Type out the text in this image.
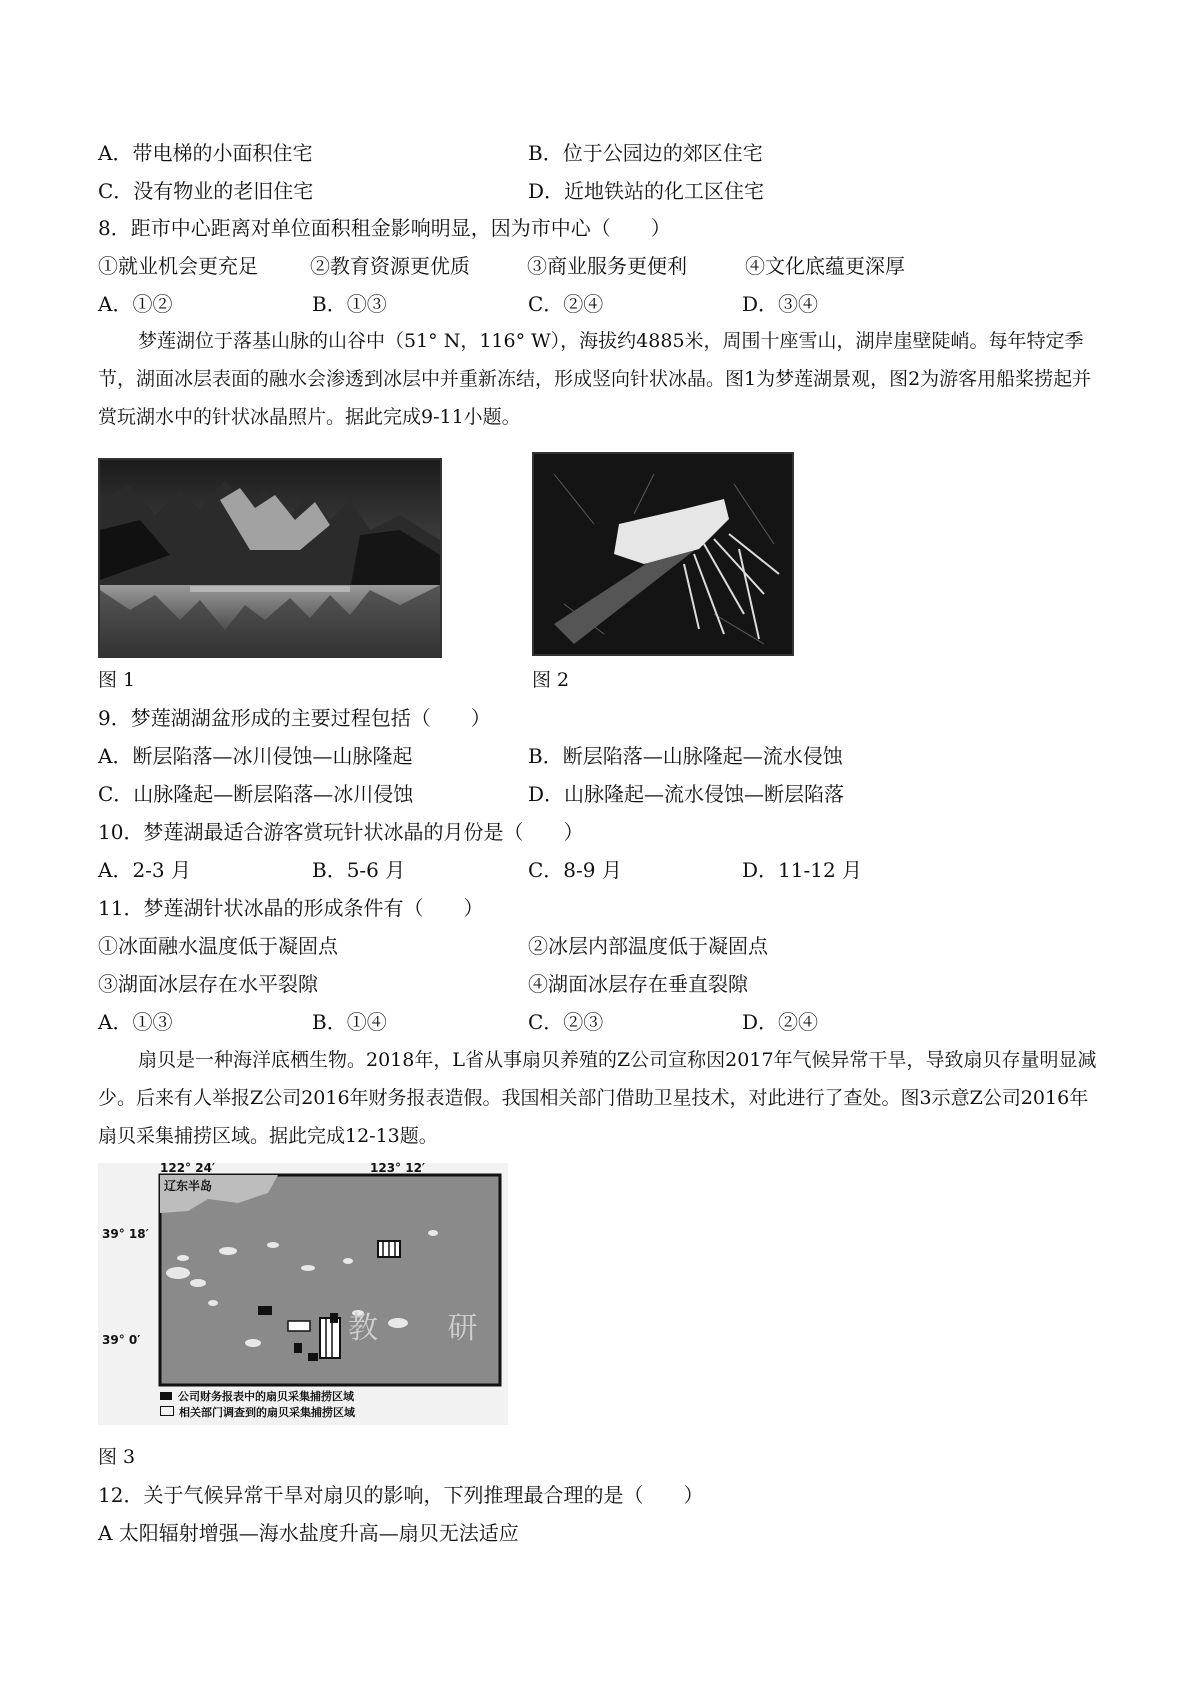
A．带电梯的小面积住宅	B．位于公园边的郊区住宅
C．没有物业的老旧住宅	D．近地铁站的化工区住宅
8．距市中心距离对单位面积租金影响明显，因为市中心（　　）
①就业机会更充足	②教育资源更优质	③商业服务更便利	④文化底蕴更深厚
A．①②	B．①③	C．②④	D．③④
梦莲湖位于落基山脉的山谷中（51° N，116° W），海拔约4885米，周围十座雪山，湖岸崖壁陡峭。每年特定季节，湖面冰层表面的融水会渗透到冰层中并重新冻结，形成竖向针状冰晶。图1为梦莲湖景观，图2为游客用船桨捞起并赏玩湖水中的针状冰晶照片。据此完成9-11小题。
图 1	图 2
9．梦莲湖湖盆形成的主要过程包括（　　）
A．断层陷落—冰川侵蚀—山脉隆起	B．断层陷落—山脉隆起—流水侵蚀
C．山脉隆起—断层陷落—冰川侵蚀	D．山脉隆起—流水侵蚀—断层陷落
10．梦莲湖最适合游客赏玩针状冰晶的月份是（　　）
A．2-3 月	B．5-6 月	C．8-9 月	D．11-12 月
11．梦莲湖针状冰晶的形成条件有（　　）
①冰面融水温度低于凝固点	②冰层内部温度低于凝固点
③湖面冰层存在水平裂隙	④湖面冰层存在垂直裂隙
A．①③	B．①④	C．②③	D．②④
扇贝是一种海洋底栖生物。2018年，L省从事扇贝养殖的Z公司宣称因2017年气候异常干旱，导致扇贝存量明显减少。后来有人举报Z公司2016年财务报表造假。我国相关部门借助卫星技术，对此进行了查处。图3示意Z公司2016年扇贝采集捕捞区域。据此完成12-13题。
122° 24′	123° 12′
辽东半岛
39° 18′
39° 0′	教 研
公司财务报表中的扇贝采集捕捞区域
相关部门调查到的扇贝采集捕捞区域
图 3
12．关于气候异常干旱对扇贝的影响，下列推理最合理的是（　　）
A 太阳辐射增强—海水盐度升高—扇贝无法适应
